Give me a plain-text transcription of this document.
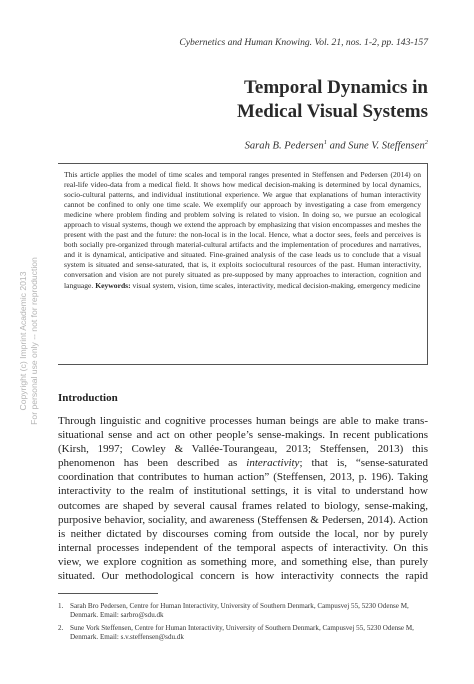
Cybernetics and Human Knowing. Vol. 21, nos. 1-2, pp. 143-157
Temporal Dynamics in
Medical Visual Systems
Sarah B. Pedersen$^1$ and Sune V. Steffensen$^2$
This article applies the model of time scales and temporal ranges presented in Steffensen and Pedersen (2014) on real-life video-data from a medical field. It shows how medical decision-making is determined by local dynamics, socio-cultural patterns, and individual institutional experience. We argue that explanations of human interactivity cannot be confined to only one time scale. We exemplify our approach by investigating a case from emergency medicine where problem finding and problem solving is related to vision. In doing so, we pursue an ecological approach to visual systems, though we extend the approach by emphasizing that vision encompasses and meshes the present with the past and the future: the non-local is in the local. Hence, what a doctor sees, feels and perceives is both socially pre-organized through material-cultural artifacts and the implementation of procedures and narratives, and it is dynamical, anticipative and situated. Fine-grained analysis of the case leads us to conclude that a visual system is situated and sense-saturated, that is, it exploits sociocultural resources of the past. Human interactivity, conversation and vision are not purely situated as pre-supposed by many approaches to interaction, cognition and language. Keywords: visual system, vision, time scales, interactivity, medical decision-making, emergency medicine
Copyright (c) Imprint Academic 2013
For personal use only -- not for reproduction Introduction
Through linguistic and cognitive processes human beings are able to make trans-situational sense and act on other people’s sense-makings. In recent publications (Kirsh, 1997; Cowley & Vallée-Tourangeau, 2013; Steffensen, 2013) this phenomenon has been described as interactivity; that is, “sense-saturated coordination that contributes to human action” (Steffensen, 2013, p. 196). Taking interactivity to the realm of institutional settings, it is vital to understand how outcomes are shaped by several causal frames related to biology, sense-making, purposive behavior, sociality, and awareness (Steffensen & Pedersen, 2014). Action is neither dictated by discourses coming from outside the local, nor by purely internal processes independent of the temporal aspects of interactivity. On this view, we explore cognition as something more, and something else, than purely situated. Our methodological concern is how interactivity connects the rapid
1. Sarah Bro Pedersen, Centre for Human Interactivity, University of Southern Denmark, Campusvej 55, 5230 Odense M, Denmark. Email: sarbro@sdu.dk
2. Sune Vork Steffensen, Centre for Human Interactivity, University of Southern Denmark, Campusvej 55, 5230 Odense M, Denmark. Email: s.v.steffensen@sdu.dk
